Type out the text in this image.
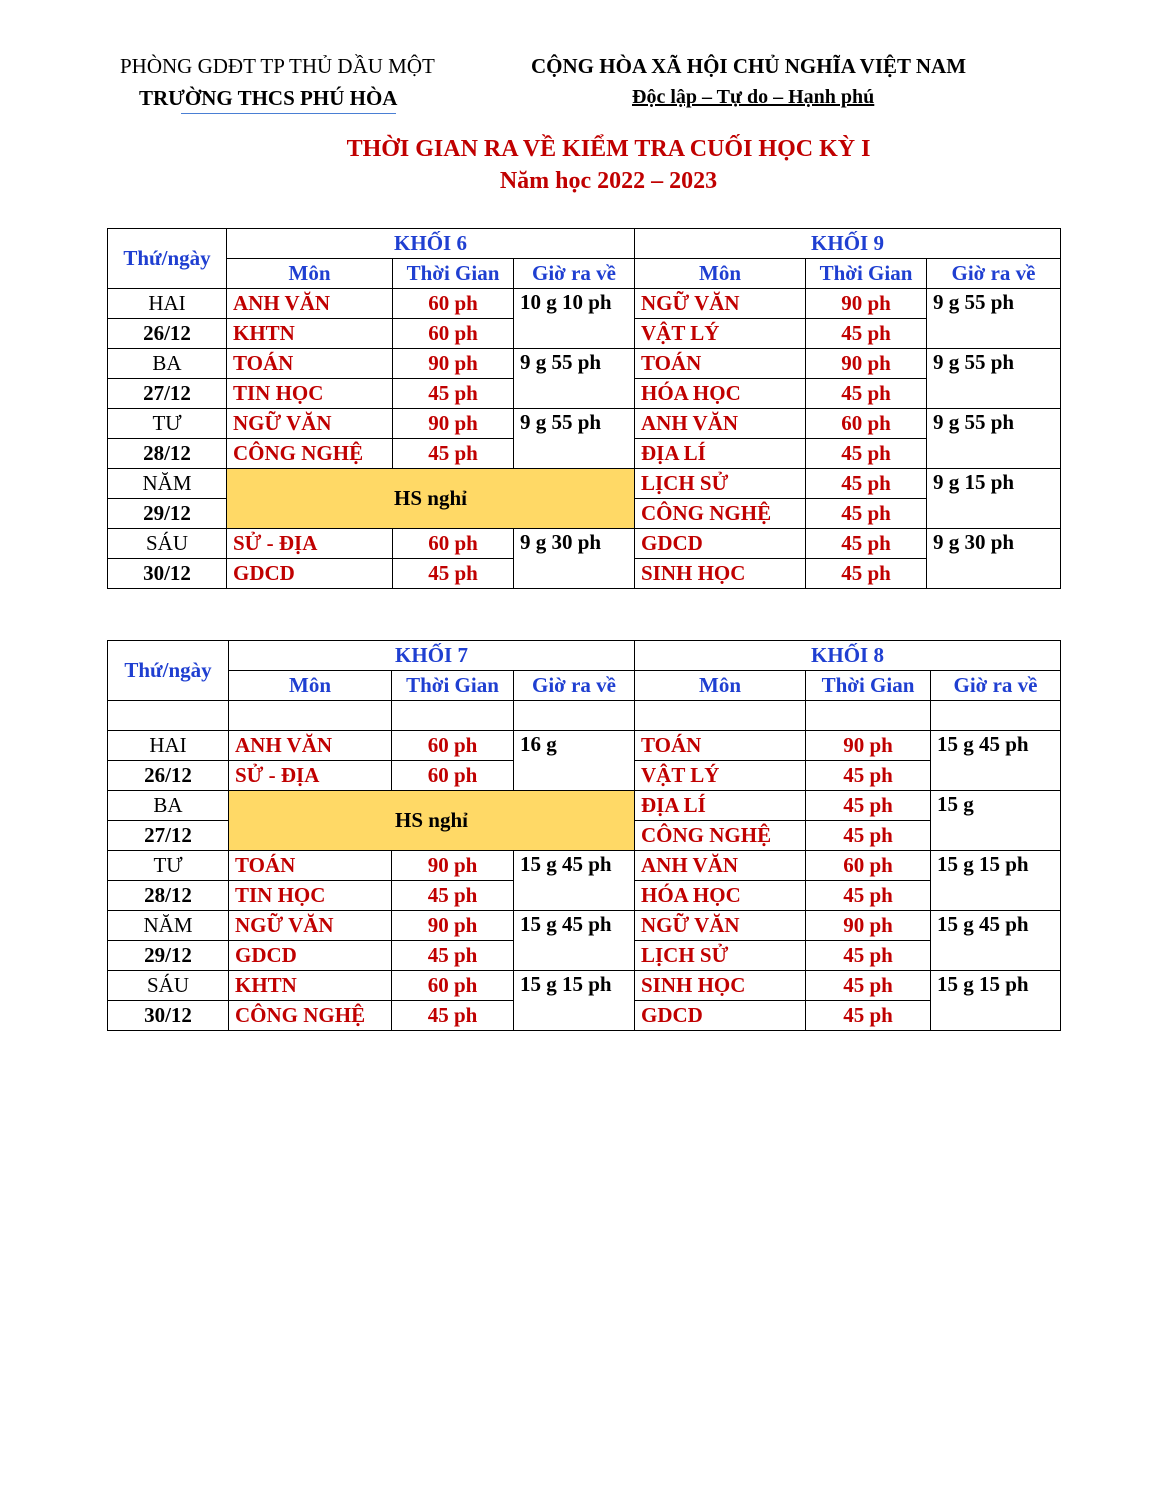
PHÒNG GDĐT TP THỦ DẦU MỘT
TRƯỜNG THCS PHÚ HÒA
CỘNG HÒA XÃ HỘI CHỦ NGHĨA VIỆT NAM
Độc lập – Tự do – Hạnh phú
THỜI GIAN RA VỀ KIỂM TRA CUỐI HỌC KỲ I
Năm học 2022 – 2023
Thứ/ngày	KHỐI 6			KHỐI 9		
	Môn	Thời Gian	Giờ ra về	Môn	Thời Gian	Giờ ra về
HAI	ANH VĂN	60 ph	10 g 10 ph	NGỮ VĂN	90 ph	9 g 55 ph
26/12	KHTN	60 ph		VẬT LÝ	45 ph	
BA	TOÁN	90 ph	9 g 55 ph	TOÁN	90 ph	9 g 55 ph
27/12	TIN HỌC	45 ph		HÓA HỌC	45 ph	
TƯ	NGỮ VĂN	90 ph	9 g 55 ph	ANH VĂN	60 ph	9 g 55 ph
28/12	CÔNG NGHỆ	45 ph		ĐỊA LÍ	45 ph	
NĂM	HS nghỉ			LỊCH SỬ	45 ph	9 g 15 ph
29/12				CÔNG NGHỆ	45 ph	
SÁU	SỬ - ĐỊA	60 ph	9 g 30 ph	GDCD	45 ph	9 g 30 ph
30/12	GDCD	45 ph		SINH HỌC	45 ph	
Thứ/ngày	KHỐI 7			KHỐI 8		
	Môn	Thời Gian	Giờ ra về	Môn	Thời Gian	Giờ ra về

HAI	ANH VĂN	60 ph	16 g	TOÁN	90 ph	15 g 45 ph
26/12	SỬ - ĐỊA	60 ph		VẬT LÝ	45 ph	
BA	HS nghỉ			ĐỊA LÍ	45 ph	15 g
27/12				CÔNG NGHỆ	45 ph	
TƯ	TOÁN	90 ph	15 g 45 ph	ANH VĂN	60 ph	15 g 15 ph
28/12	TIN HỌC	45 ph		HÓA HỌC	45 ph	
NĂM	NGỮ VĂN	90 ph	15 g 45 ph	NGỮ VĂN	90 ph	15 g 45 ph
29/12	GDCD	45 ph		LỊCH SỬ	45 ph	
SÁU	KHTN	60 ph	15 g 15 ph	SINH HỌC	45 ph	15 g 15 ph
30/12	CÔNG NGHỆ	45 ph		GDCD	45 ph	
